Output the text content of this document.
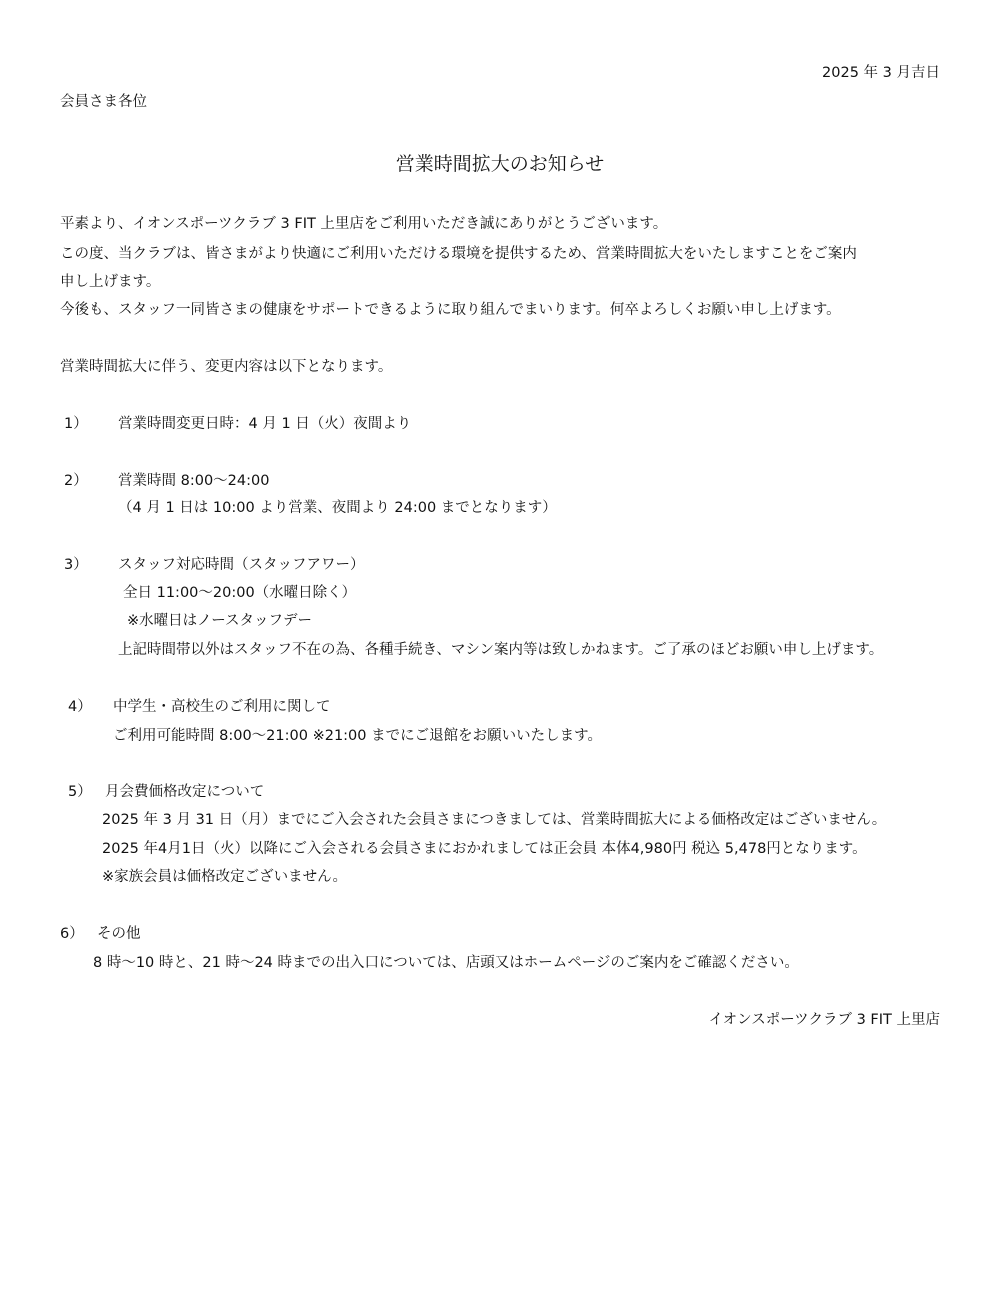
2025 年 3 月吉日
会員さま各位
営業時間拡大のお知らせ
平素より、イオンスポーツクラブ 3 FIT 上里店をご利用いただき誠にありがとうございます。
この度、当クラブは、皆さまがより快適にご利用いただける環境を提供するため、営業時間拡大をいたしますことをご案内
申し上げます。
今後も、スタッフ一同皆さまの健康をサポートできるように取り組んでまいります。何卒よろしくお願い申し上げます。
営業時間拡大に伴う、変更内容は以下となります。
1） 営業時間変更日時：4 月 1 日（火）夜間より
2） 営業時間 8:00～24:00
（4 月 1 日は 10:00 より営業、夜間より 24:00 までとなります）
3） スタッフ対応時間（スタッフアワー）
全日 11:00～20:00（水曜日除く）
※水曜日はノースタッフデー
上記時間帯以外はスタッフ不在の為、各種手続き、マシン案内等は致しかねます。ご了承のほどお願い申し上げます。
4） 中学生・高校生のご利用に関して
ご利用可能時間 8:00～21:00 ※21:00 までにご退館をお願いいたします。
5） 月会費価格改定について
2025 年 3 月 31 日（月）までにご入会された会員さまにつきましては、営業時間拡大による価格改定はございません。
2025 年4月1日（火）以降にご入会される会員さまにおかれましては正会員 本体4,980円 税込 5,478円となります。
※家族会員は価格改定ございません。
6） その他
8 時～10 時と、21 時～24 時までの出入口については、店頭又はホームページのご案内をご確認ください。
イオンスポーツクラブ 3 FIT 上里店
